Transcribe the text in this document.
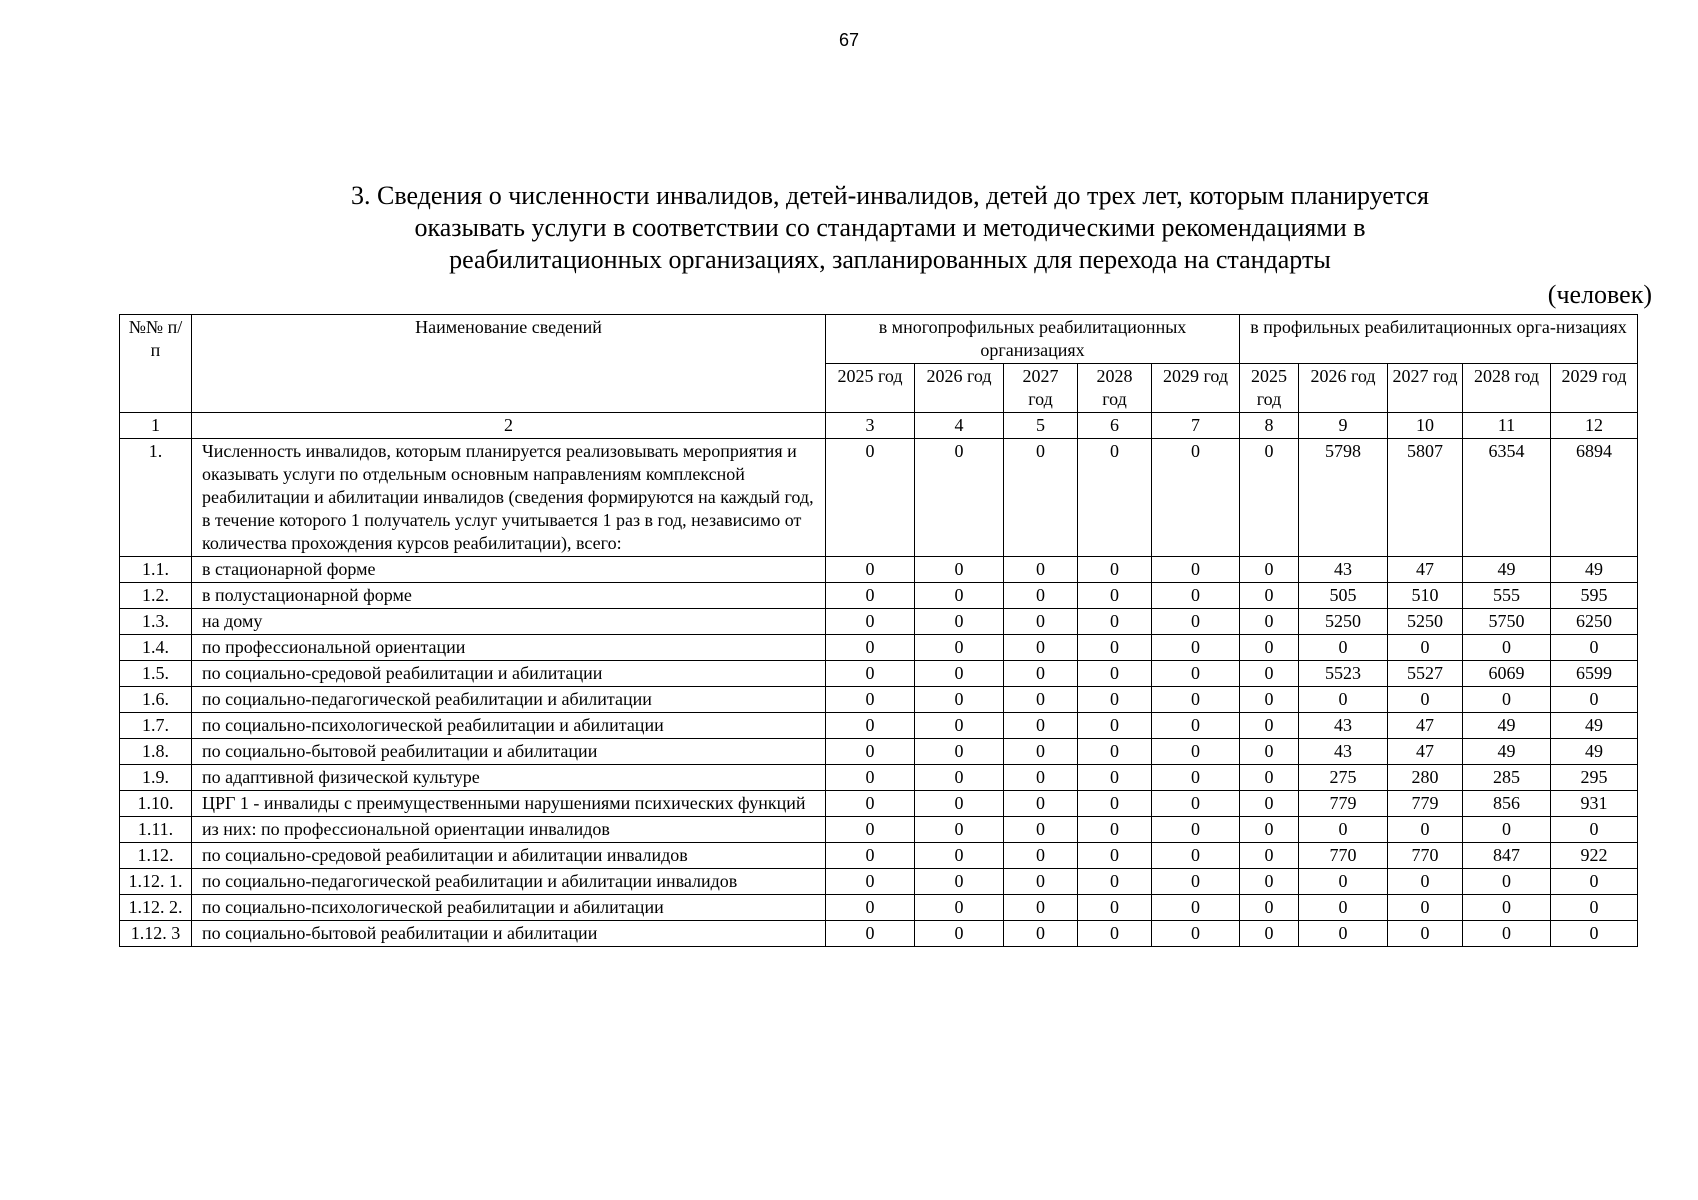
67
3. Сведения о численности инвалидов, детей-инвалидов, детей до трех лет, которым планируется
оказывать услуги в соответствии со стандартами и методическими рекомендациями в
реабилитационных организациях, запланированных для перехода на стандарты
(человек)
№№ п/п	Наименование сведений	в многопрофильных реабилитационных организациях					в профильных реабилитационных орга-низациях				
		2025 год	2026 год	2027 год	2028 год	2029 год	2025 год	2026 год	2027 год	2028 год	2029 год
1	2	3	4	5	6	7	8	9	10	11	12
1.	Численность инвалидов, которым планируется реализовывать мероприятия и оказывать услуги по отдельным основным направлениям комплексной реабилитации и абилитации инвалидов (сведения формируются на каждый год, в течение которого 1 получатель услуг учитывается 1 раз в год, независимо от количества прохождения курсов реабилитации), всего:	0	0	0	0	0	0	5798	5807	6354	6894
1.1.	в стационарной форме	0	0	0	0	0	0	43	47	49	49
1.2.	в полустационарной форме	0	0	0	0	0	0	505	510	555	595
1.3.	на дому	0	0	0	0	0	0	5250	5250	5750	6250
1.4.	по профессиональной ориентации	0	0	0	0	0	0	0	0	0	0
1.5.	по социально-средовой реабилитации и абилитации	0	0	0	0	0	0	5523	5527	6069	6599
1.6.	по социально-педагогической реабилитации и абилитации	0	0	0	0	0	0	0	0	0	0
1.7.	по социально-психологической реабилитации и абилитации	0	0	0	0	0	0	43	47	49	49
1.8.	по социально-бытовой реабилитации и абилитации	0	0	0	0	0	0	43	47	49	49
1.9.	по адаптивной физической культуре	0	0	0	0	0	0	275	280	285	295
1.10.	ЦРГ 1 - инвалиды с преимущественными нарушениями психических функций	0	0	0	0	0	0	779	779	856	931
1.11.	из них: по профессиональной ориентации инвалидов	0	0	0	0	0	0	0	0	0	0
1.12.	по социально-средовой реабилитации и абилитации инвалидов	0	0	0	0	0	0	770	770	847	922
1.12. 1.	по социально-педагогической реабилитации и абилитации инвалидов	0	0	0	0	0	0	0	0	0	0
1.12. 2.	по социально-психологической реабилитации и абилитации	0	0	0	0	0	0	0	0	0	0
1.12. 3	по социально-бытовой реабилитации и абилитации	0	0	0	0	0	0	0	0	0	0
